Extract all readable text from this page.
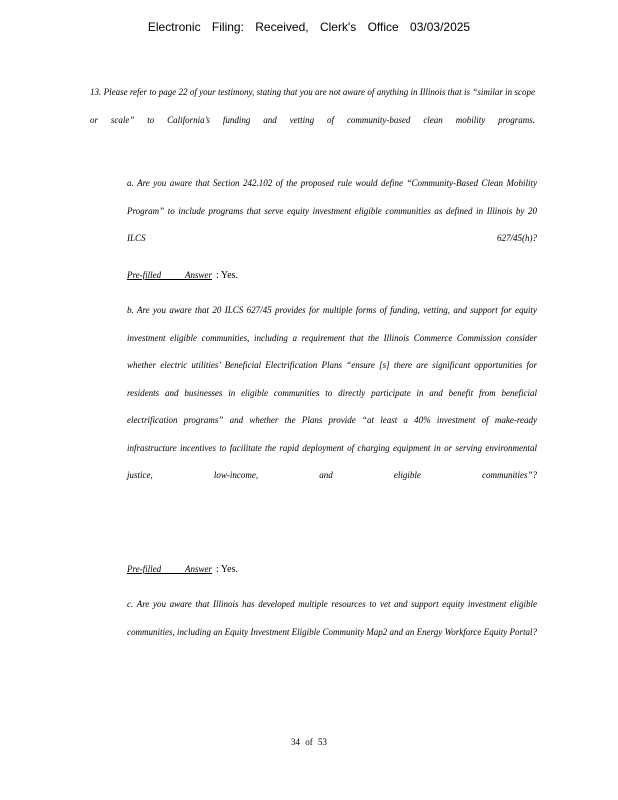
Electronic Filing: Received, Clerk's Office 03/03/2025
13. Please refer to page 22 of your testimony, stating that you are not aware of anything in Illinois that is “similar in scope or scale” to California’s funding and vetting of community-based clean mobility programs.
a. Are you aware that Section 242.102 of the proposed rule would define “Community-Based Clean Mobility Program” to include programs that serve equity investment eligible communities as defined in Illinois by 20 ILCS 627/45(h)?
Pre-filled Answer : Yes.
b. Are you aware that 20 ILCS 627/45 provides for multiple forms of funding, vetting, and support for equity investment eligible communities, including a requirement that the Illinois Commerce Commission consider whether electric utilities’ Beneficial Electrification Plans “ensure [s] there are significant opportunities for residents and businesses in eligible communities to directly participate in and benefit from beneficial electrification programs” and whether the Plans provide “at least a 40% investment of make-ready infrastructure incentives to facilitate the rapid deployment of charging equipment in or serving environmental justice, low-income, and eligible communities”?
Pre-filled Answer : Yes.
c. Are you aware that Illinois has developed multiple resources to vet and support equity investment eligible communities, including an Equity Investment Eligible Community Map2 and an Energy Workforce Equity Portal?
34 of 53
